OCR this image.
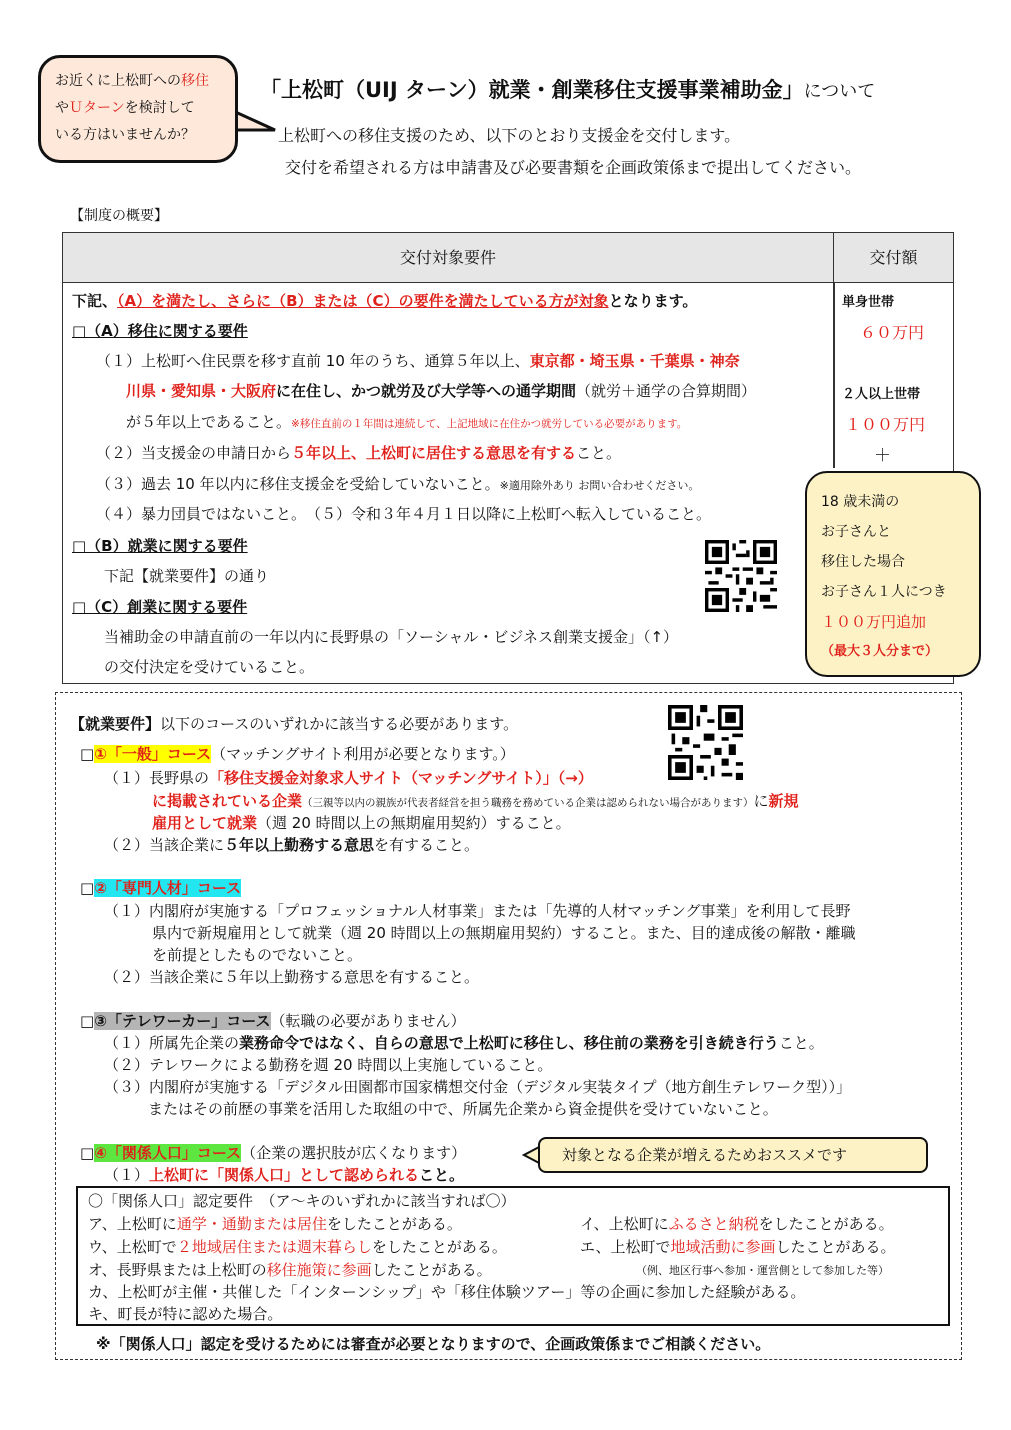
お近くに上松町への移住
やＵターンを検討して
いる方はいませんか？
「上松町（UIJ ターン）就業・創業移住支援事業補助金」について
上松町への移住支援のため、以下のとおり支援金を交付します。
交付を希望される方は申請書及び必要書類を企画政策係まで提出してください。
【制度の概要】
交付対象要件	交付額
下記、（A）を満たし、さらに（B）または（C）の要件を満たしている方が対象となります。
□（A）移住に関する要件
（１）上松町へ住民票を移す直前 10 年のうち、通算５年以上、東京都・埼玉県・千葉県・神奈
川県・愛知県・大阪府に在住し、かつ就労及び大学等への通学期間（就労＋通学の合算期間）
が５年以上であること。※移住直前の１年間は連続して、上記地域に在住かつ就労している必要があります。
（２）当支援金の申請日から５年以上、上松町に居住する意思を有すること。
（３）過去 10 年以内に移住支援金を受給していないこと。※適用除外あり お問い合わせください。
（４）暴力団員ではないこと。　（５）令和３年４月１日以降に上松町へ転入していること。
□（B）就業に関する要件
下記【就業要件】の通り
□（C）創業に関する要件
当補助金の申請直前の一年以内に長野県の「ソーシャル・ビジネス創業支援金」（↑）
の交付決定を受けていること。
単身世帯
６０万円
２人以上世帯
１００万円
＋
18 歳未満の
お子さんと
移住した場合
お子さん１人につき
１００万円追加
（最大３人分まで）
【就業要件】以下のコースのいずれかに該当する必要があります。
□①「一般」コース（マッチングサイト利用が必要となります。）
（１）長野県の「移住支援金対象求人サイト（マッチングサイト）」（→）
に掲載されている企業（三親等以内の親族が代表者経営を担う職務を務めている企業は認められない場合があります）に新規
雇用として就業（週 20 時間以上の無期雇用契約）すること。
（２）当該企業に５年以上勤務する意思を有すること。
□②「専門人材」コース
（１）内閣府が実施する「プロフェッショナル人材事業」または「先導的人材マッチング事業」を利用して長野
県内で新規雇用として就業（週 20 時間以上の無期雇用契約）すること。また、目的達成後の解散・離職
を前提としたものでないこと。
（２）当該企業に５年以上勤務する意思を有すること。
□③「テレワーカー」コース（転職の必要がありません）
（１）所属先企業の業務命令ではなく、自らの意思で上松町に移住し、移住前の業務を引き続き行うこと。
（２）テレワークによる勤務を週 20 時間以上実施していること。
（３）内閣府が実施する「デジタル田園都市国家構想交付金（デジタル実装タイプ（地方創生テレワーク型））」
またはその前歴の事業を活用した取組の中で、所属先企業から資金提供を受けていないこと。
□④「関係人口」コース（企業の選択肢が広くなります）
（１）上松町に「関係人口」として認められること。
対象となる企業が増えるためおススメです
〇「関係人口」認定要件　 （ア～キのいずれかに該当すれば〇）
ア、上松町に通学・通勤または居住をしたことがある。	イ、上松町にふるさと納税をしたことがある。
ウ、上松町で２地域居住または週末暮らしをしたことがある。	エ、上松町で地域活動に参画したことがある。
オ、長野県または上松町の移住施策に参画したことがある。	（例、地区行事へ参加・運営側として参加した等）
カ、上松町が主催・共催した「インターンシップ」や「移住体験ツアー」等の企画に参加した経験がある。
キ、町長が特に認めた場合。
※「関係人口」認定を受けるためには審査が必要となりますので、企画政策係までご相談ください。
